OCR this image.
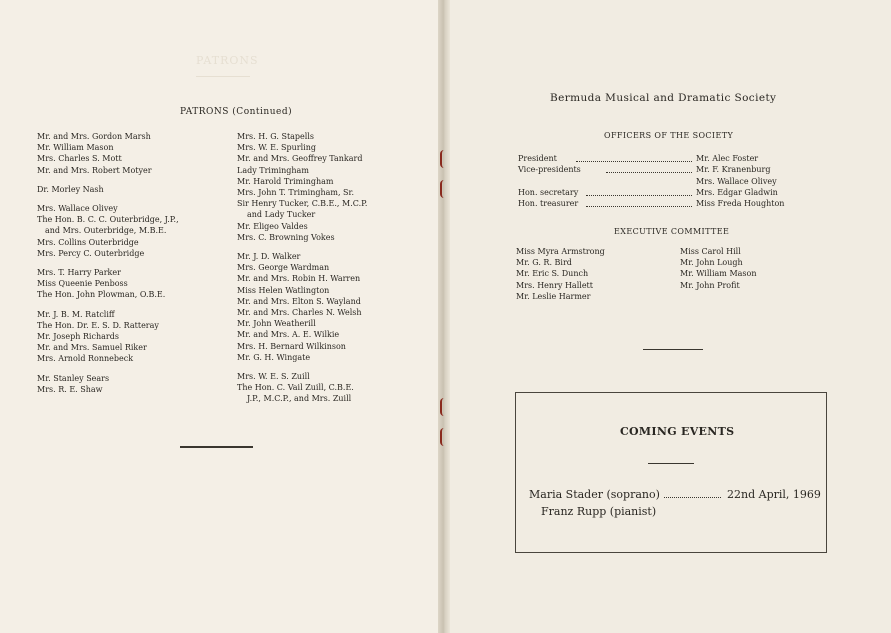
PATRONS
PATRONS (Continued)
Mr. and Mrs. Gordon Marsh
Mr. William Mason
Mrs. Charles S. Mott
Mr. and Mrs. Robert Motyer
Dr. Morley Nash
Mrs. Wallace Olivey
The Hon. B. C. C. Outerbridge, J.P.,
and Mrs. Outerbridge, M.B.E.
Mrs. Collins Outerbridge
Mrs. Percy C. Outerbridge
Mrs. T. Harry Parker
Miss Queenie Penboss
The Hon. John Plowman, O.B.E.
Mr. J. B. M. Ratcliff
The Hon. Dr. E. S. D. Ratteray
Mr. Joseph Richards
Mr. and Mrs. Samuel Riker
Mrs. Arnold Ronnebeck
Mr. Stanley Sears
Mrs. R. E. Shaw
Mrs. H. G. Stapells
Mrs. W. E. Spurling
Mr. and Mrs. Geoffrey Tankard
Lady Trimingham
Mr. Harold Trimingham
Mrs. John T. Trimingham, Sr.
Sir Henry Tucker, C.B.E., M.C.P.
and Lady Tucker
Mr. Eligeo Valdes
Mrs. C. Browning Vokes
Mr. J. D. Walker
Mrs. George Wardman
Mr. and Mrs. Robin H. Warren
Miss Helen Watlington
Mr. and Mrs. Elton S. Wayland
Mr. and Mrs. Charles N. Welsh
Mr. John Weatherill
Mr. and Mrs. A. E. Wilkie
Mrs. H. Bernard Wilkinson
Mr. G. H. Wingate
Mrs. W. E. S. Zuill
The Hon. C. Vail Zuill, C.B.E.
J.P., M.C.P., and Mrs. Zuill
Bermuda Musical and Dramatic Society
OFFICERS OF THE SOCIETY
President	Mr. Alec Foster
Vice-presidents	Mr. F. Kranenburg
Mrs. Wallace Olivey
Hon. secretary	Mrs. Edgar Gladwin
Hon. treasurer	Miss Freda Houghton
EXECUTIVE COMMITTEE
Miss Myra Armstrong
Mr. G. R. Bird
Mr. Eric S. Dunch
Mrs. Henry Hallett
Mr. Leslie Harmer
Miss Carol Hill
Mr. John Lough
Mr. William Mason
Mr. John Profit
COMING EVENTS
Maria Stader (soprano)	22nd April, 1969
Franz Rupp (pianist)
